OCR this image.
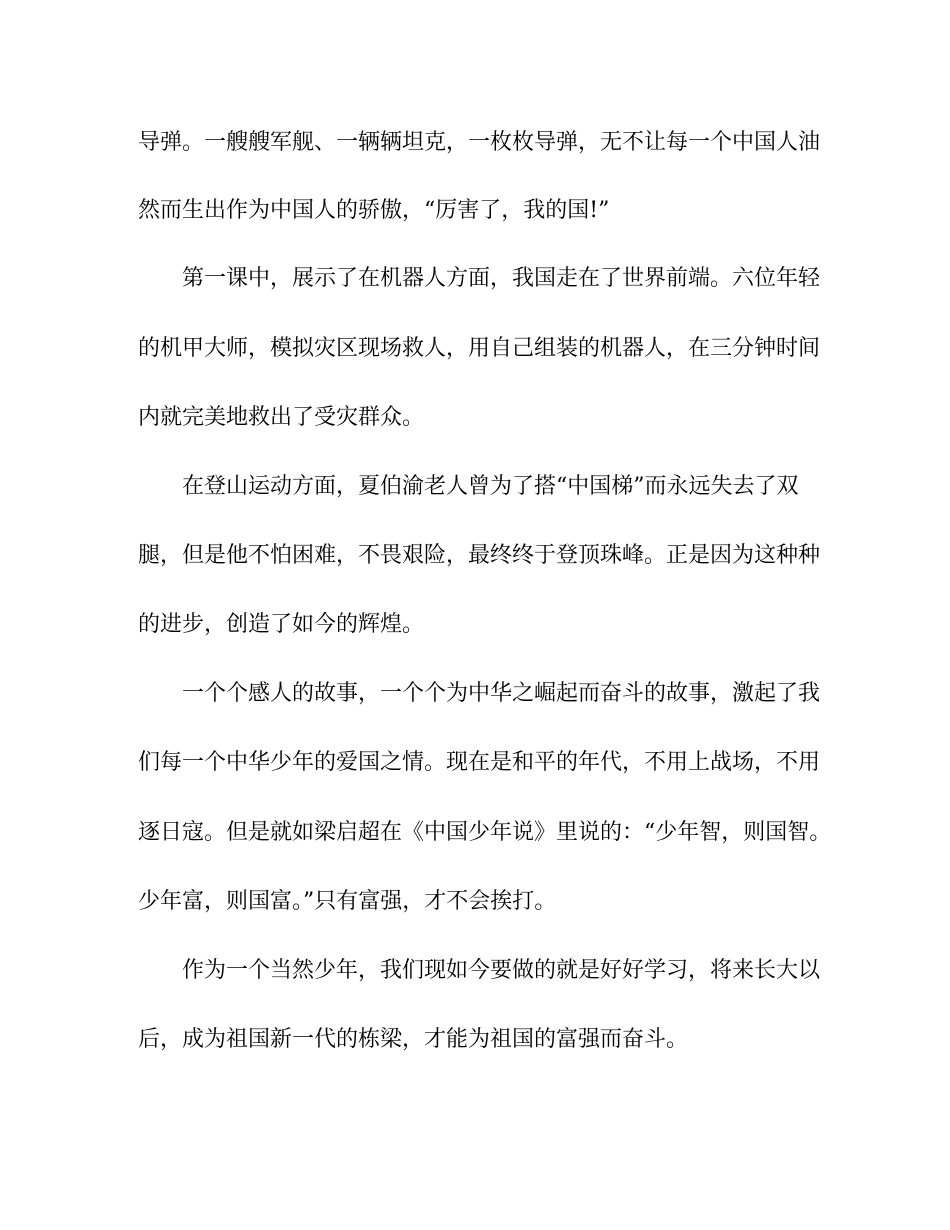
导弹。一艘艘军舰、一辆辆坦克，一枚枚导弹，无不让每一个中国人油
然而生出作为中国人的骄傲，“厉害了，我的国!”
第一课中，展示了在机器人方面，我国走在了世界前端。六位年轻
的机甲大师，模拟灾区现场救人，用自己组装的机器人，在三分钟时间
内就完美地救出了受灾群众。
在登山运动方面，夏伯渝老人曾为了搭“中国梯”而永远失去了双
腿，但是他不怕困难，不畏艰险，最终终于登顶珠峰。正是因为这种种
的进步，创造了如今的辉煌。
一个个感人的故事，一个个为中华之崛起而奋斗的故事，激起了我
们每一个中华少年的爱国之情。现在是和平的年代，不用上战场，不用
逐日寇。但是就如梁启超在《中国少年说》里说的：“少年智，则国智。
少年富，则国富。”只有富强，才不会挨打。
作为一个当然少年，我们现如今要做的就是好好学习，将来长大以
后，成为祖国新一代的栋梁，才能为祖国的富强而奋斗。
